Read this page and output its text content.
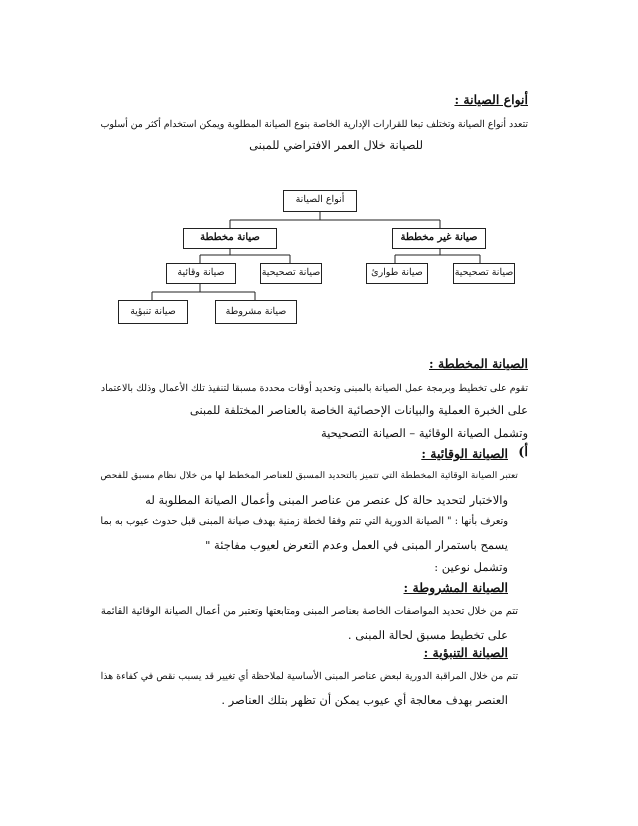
أنواع الصيانة :
تتعدد أنواع الصيانة وتختلف تبعا للقرارات الإدارية الخاصة بنوع الصيانة المطلوبة ويمكن استخدام أكثر من أسلوب
للصيانة خلال العمر الافتراضي للمبنى
أنواع الصيانة
صيانة مخططة	صيانة غير مخططة
صيانة تصحيحية
صيانة طوارئ
صيانة تصحيحية
صيانة وقائية
صيانة مشروطة
صيانة تنبؤية
الصيانة المخططة :
تقوم على تخطيط وبرمجة عمل الصيانة بالمبنى وتحديد أوقات محددة مسبقا لتنفيذ تلك الأعمال وذلك بالاعتماد
على الخبرة العملية والبيانات الإحصائية الخاصة بالعناصر المختلفة للمبنى
وتشمل الصيانة الوقائية – الصيانة التصحيحية
أ)
الصيانة الوقائية :
تعتبر الصيانة الوقائية المخططة التي تتميز بالتحديد المسبق للعناصر المخطط لها من خلال نظام مسبق للفحص
والاختبار لتحديد حالة كل عنصر من عناصر المبنى وأعمال الصيانة المطلوبة له
وتعرف بأنها : " الصيانة الدورية التي تتم وفقا لخطة زمنية بهدف صيانة المبنى قبل حدوث عيوب به بما
يسمح باستمرار المبنى في العمل وعدم التعرض لعيوب مفاجئة "
وتشمل نوعين :
الصيانة المشروطة :
تتم من خلال تحديد المواصفات الخاصة بعناصر المبنى ومتابعتها وتعتبر من أعمال الصيانة الوقائية القائمة
على تخطيط مسبق لحالة المبنى .
الصيانة التنبؤية :
تتم من خلال المراقبة الدورية لبعض عناصر المبنى الأساسية لملاحظة أي تغيير قد يسبب نقص في كفاءة هذا
العنصر بهدف معالجة أي عيوب يمكن أن تظهر بتلك العناصر .
